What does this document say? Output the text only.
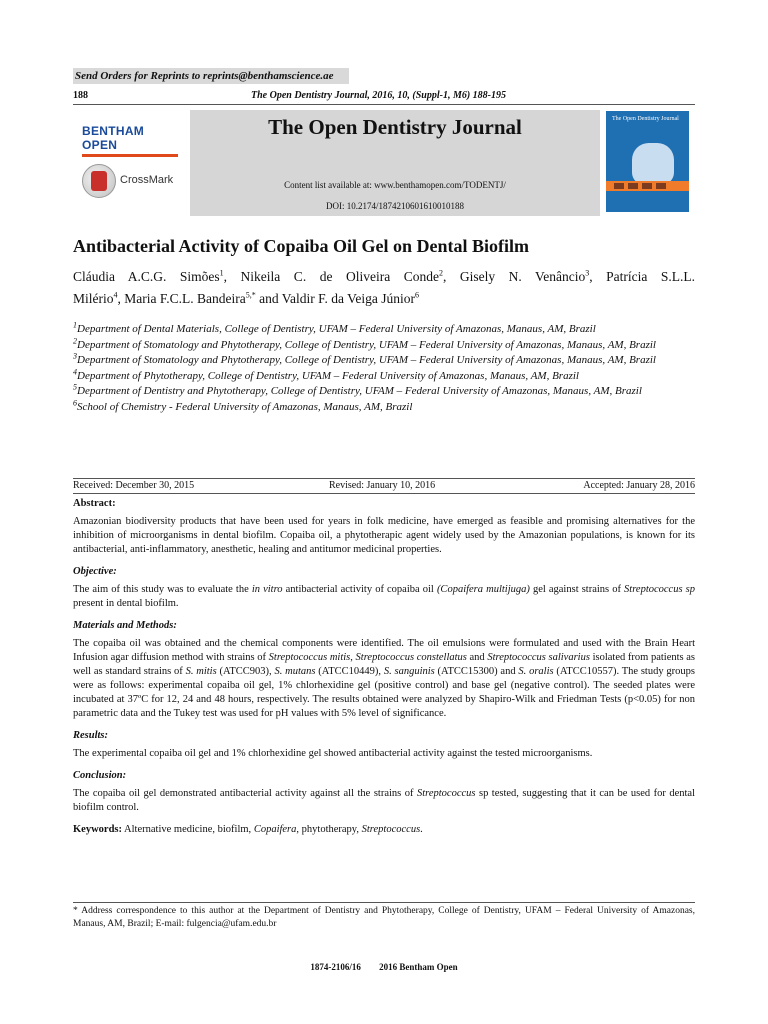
Send Orders for Reprints to reprints@benthamscience.ae
188	The Open Dentistry Journal, 2016, 10, (Suppl-1, M6) 188-195
BENTHAM OPEN
CrossMark
The Open Dentistry Journal
Content list available at: www.benthamopen.com/TODENTJ/
DOI: 10.2174/1874210601610010188
The Open Dentistry Journal
Antibacterial Activity of Copaiba Oil Gel on Dental Biofilm
Cláudia A.C.G. Simões$^1$, Nikeila C. de Oliveira Conde$^2$, Gisely N. Venâncio$^3$, Patrícia S.L.L.
Milério$^4$, Maria F.C.L. Bandeira$^{5,*}$ and Valdir F. da Veiga Júnior$^6$
$^1$Department of Dental Materials, College of Dentistry, UFAM – Federal University of Amazonas, Manaus, AM, Brazil
$^2$Department of Stomatology and Phytotherapy, College of Dentistry, UFAM – Federal University of Amazonas, Manaus, AM, Brazil
$^3$Department of Stomatology and Phytotherapy, College of Dentistry, UFAM – Federal University of Amazonas, Manaus, AM, Brazil
$^4$Department of Phytotherapy, College of Dentistry, UFAM – Federal University of Amazonas, Manaus, AM, Brazil
$^5$Department of Dentistry and Phytotherapy, College of Dentistry, UFAM – Federal University of Amazonas, Manaus, AM, Brazil
$^6$School of Chemistry - Federal University of Amazonas, Manaus, AM, Brazil
Received: December 30, 2015	Revised: January 10, 2016	Accepted: January 28, 2016
Abstract:

Amazonian biodiversity products that have been used for years in folk medicine, have emerged as feasible and promising alternatives for the inhibition of microorganisms in dental biofilm. Copaiba oil, a phytotherapic agent widely used by the Amazonian populations, is known for its antibacterial, anti-inflammatory, anesthetic, healing and antitumor medicinal properties.

Objective:

The aim of this study was to evaluate the in vitro antibacterial activity of copaiba oil (Copaifera multijuga) gel against strains of Streptococcus sp present in dental biofilm.

Materials and Methods:

The copaiba oil was obtained and the chemical components were identified. The oil emulsions were formulated and used with the Brain Heart Infusion agar diffusion method with strains of Streptococcus mitis, Streptococcus constellatus and Streptococcus salivarius isolated from patients as well as standard strains of S. mitis (ATCC903), S. mutans (ATCC10449), S. sanguinis (ATCC15300) and S. oralis (ATCC10557). The study groups were as follows: experimental copaiba oil gel, 1% chlorhexidine gel (positive control) and base gel (negative control). The seeded plates were incubated at 37ºC for 12, 24 and 48 hours, respectively. The results obtained were analyzed by Shapiro-Wilk and Friedman Tests (p<0.05) for non parametric data and the Tukey test was used for pH values with 5% level of significance.

Results:

The experimental copaiba oil gel and 1% chlorhexidine gel showed antibacterial activity against the tested microorganisms.

Conclusion:

The copaiba oil gel demonstrated antibacterial activity against all the strains of Streptococcus sp tested, suggesting that it can be used for dental biofilm control.

Keywords: Alternative medicine, biofilm, Copaifera, phytotherapy, Streptococcus.

* Address correspondence to this author at the Department of Dentistry and Phytotherapy, College of Dentistry, UFAM – Federal University of Amazonas, Manaus, AM, Brazil; E-mail: fulgencia@ufam.edu.br
1874-2106/16 2016 Bentham Open
